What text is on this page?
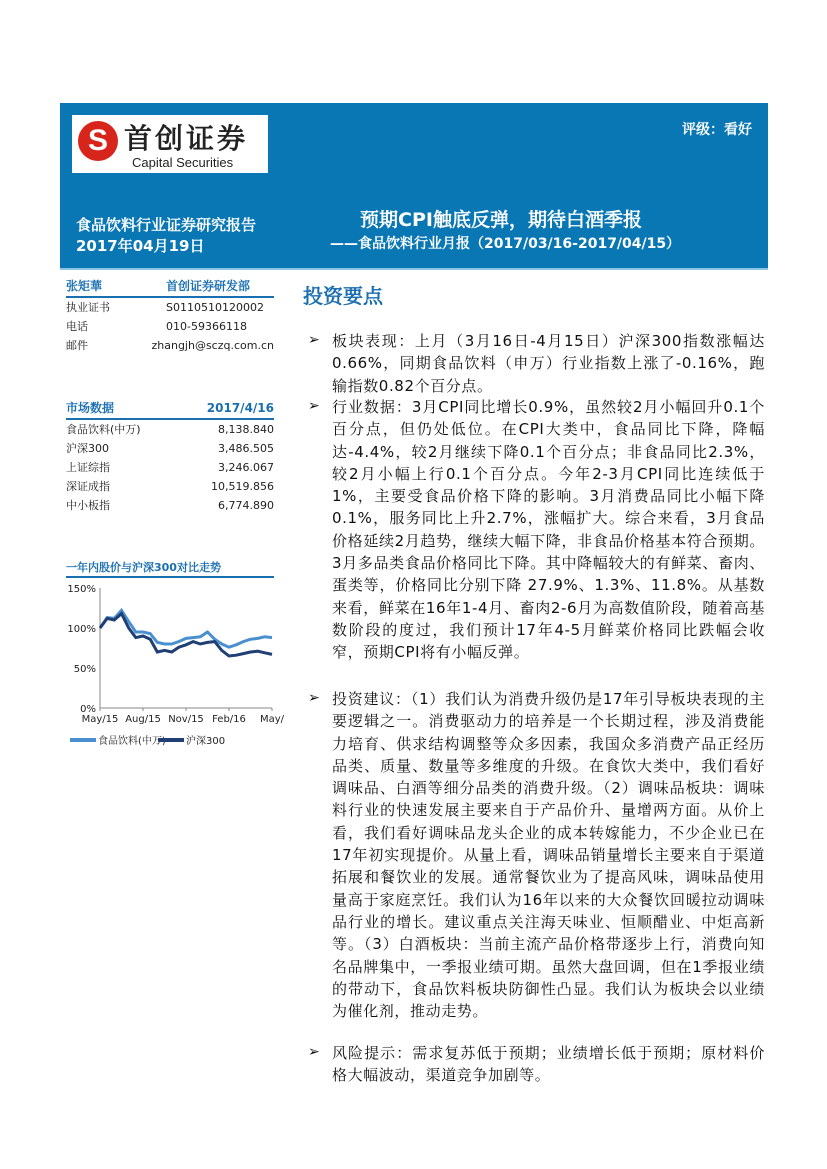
S 首创证券
Capital Securities
评级：看好
食品饮料行业证券研究报告
2017年04月19日
预期CPI触底反弹，期待白酒季报
——食品饮料行业月报（2017/03/16-2017/04/15）
张矩華	首创证券研发部
执业证书	S0110510120002
电话	010-59366118
邮件	zhangjh@sczq.com.cn
市场数据	2017/4/16
食品饮料(中万)	8,138.840
沪深300	3,486.505
上证综指	3,246.067
深证成指	10,519.856
中小板指	6,774.890
一年内股价与沪深300对比走势
150%
100%
50%
0%
May/15 Aug/15 Nov/15 Feb/16 May/
食品饮料(中万) 沪深300
投资要点
➢ 板块表现：上月（3月16日-4月15日）沪深300指数涨幅达 0.66%，同期食品饮料（申万）行业指数上涨了-0.16%，跑输指数0.82个百分点。
➢ 行业数据：3月CPI同比增长0.9%，虽然较2月小幅回升0.1个百分点，但仍处低位。在CPI大类中，食品同比下降，降幅达-4.4%，较2月继续下降0.1个百分点；非食品同比2.3%，较2月小幅上行0.1个百分点。今年2-3月CPI同比连续低于1%，主要受食品价格下降的影响。3月消费品同比小幅下降0.1%，服务同比上升2.7%，涨幅扩大。综合来看，3月食品价格延续2月趋势，继续大幅下降，非食品价格基本符合预期。3月多品类食品价格同比下降。其中降幅较大的有鲜菜、畜肉、蛋类等，价格同比分别下降 27.9%、1.3%、11.8%。从基数来看，鲜菜在16年1-4月、畜肉2-6月为高数值阶段，随着高基数阶段的度过，我们预计17年4-5月鲜菜价格同比跌幅会收窄，预期CPI将有小幅反弹。
➢ 投资建议：（1）我们认为消费升级仍是17年引导板块表现的主要逻辑之一。消费驱动力的培养是一个长期过程，涉及消费能力培育、供求结构调整等众多因素，我国众多消费产品正经历品类、质量、数量等多维度的升级。在食饮大类中，我们看好调味品、白酒等细分品类的消费升级。（2）调味品板块：调味料行业的快速发展主要来自于产品价升、量增两方面。从价上看，我们看好调味品龙头企业的成本转嫁能力，不少企业已在17年初实现提价。从量上看，调味品销量增长主要来自于渠道拓展和餐饮业的发展。通常餐饮业为了提高风味，调味品使用量高于家庭烹饪。我们认为16年以来的大众餐饮回暖拉动调味品行业的增长。建议重点关注海天味业、恒顺醋业、中炬高新等。（3）白酒板块：当前主流产品价格带逐步上行，消费向知名品牌集中，一季报业绩可期。虽然大盘回调，但在1季报业绩的带动下，食品饮料板块防御性凸显。我们认为板块会以业绩为催化剂，推动走势。
➢ 风险提示：需求复苏低于预期；业绩增长低于预期；原材料价格大幅波动，渠道竞争加剧等。
